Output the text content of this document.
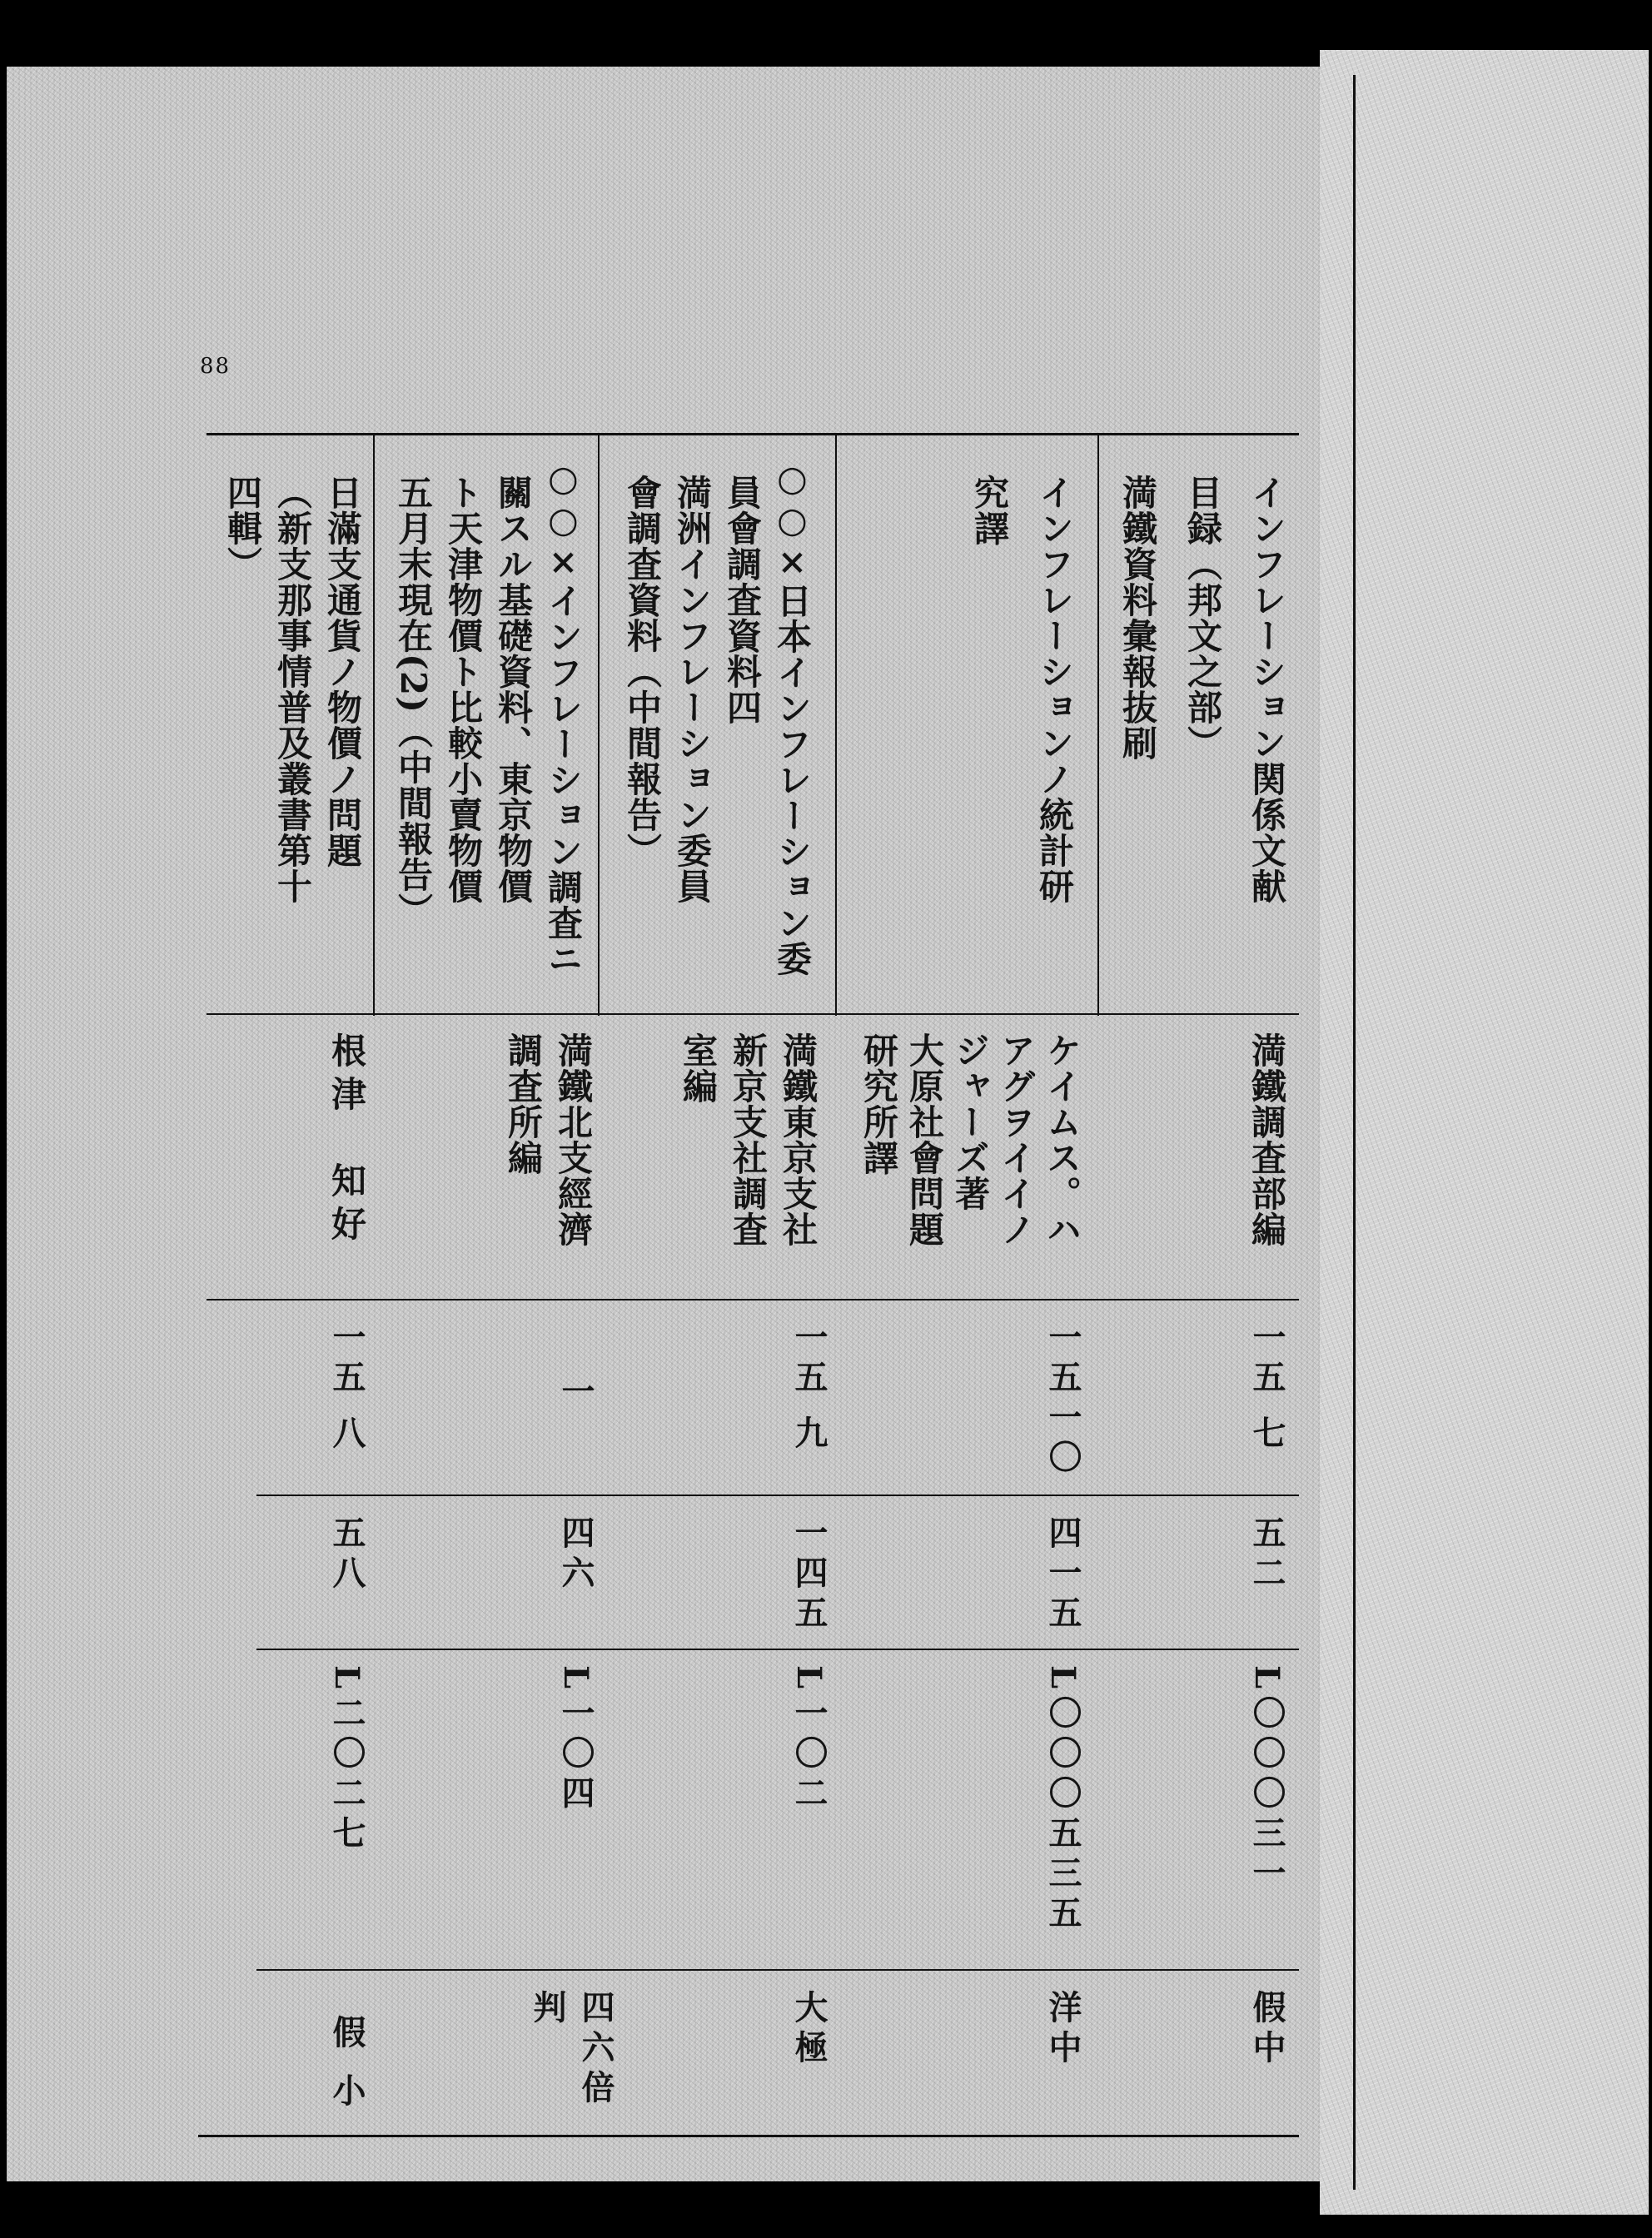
88
インフレーション関係文献
目録（邦文之部）
満鐵資料彙報抜刷
満鐵調査部編
一五
七
五二
L〇〇〇三一
假中
インフレーションノ統計研
究譯
ケイムス。ハ
アグヲイイノ
ジャーズ著
大原社會問題
研究所譯
一五一〇
四一五
L〇〇〇五三五
洋中
○○×日本インフレーション委
員會調査資料四
満洲インフレーション委員
會調査資料（中間報告）
満鐵東京支社
新京支社調査
室編
一五
九
一四五
L一〇二
大極
○○×インフレーション調査ニ
關スル基礎資料、東京物價
ト天津物價ト比較小賣物價
五月末現在(2)（中間報告）
満鐵北支經濟
調査所編
一
四六
L一〇四
四六倍
判
日滿支通貨ノ物價ノ問題
（新支那事情普及叢書第十
四輯）
根津　知好
一五
八
五八
L二〇二七
假小
